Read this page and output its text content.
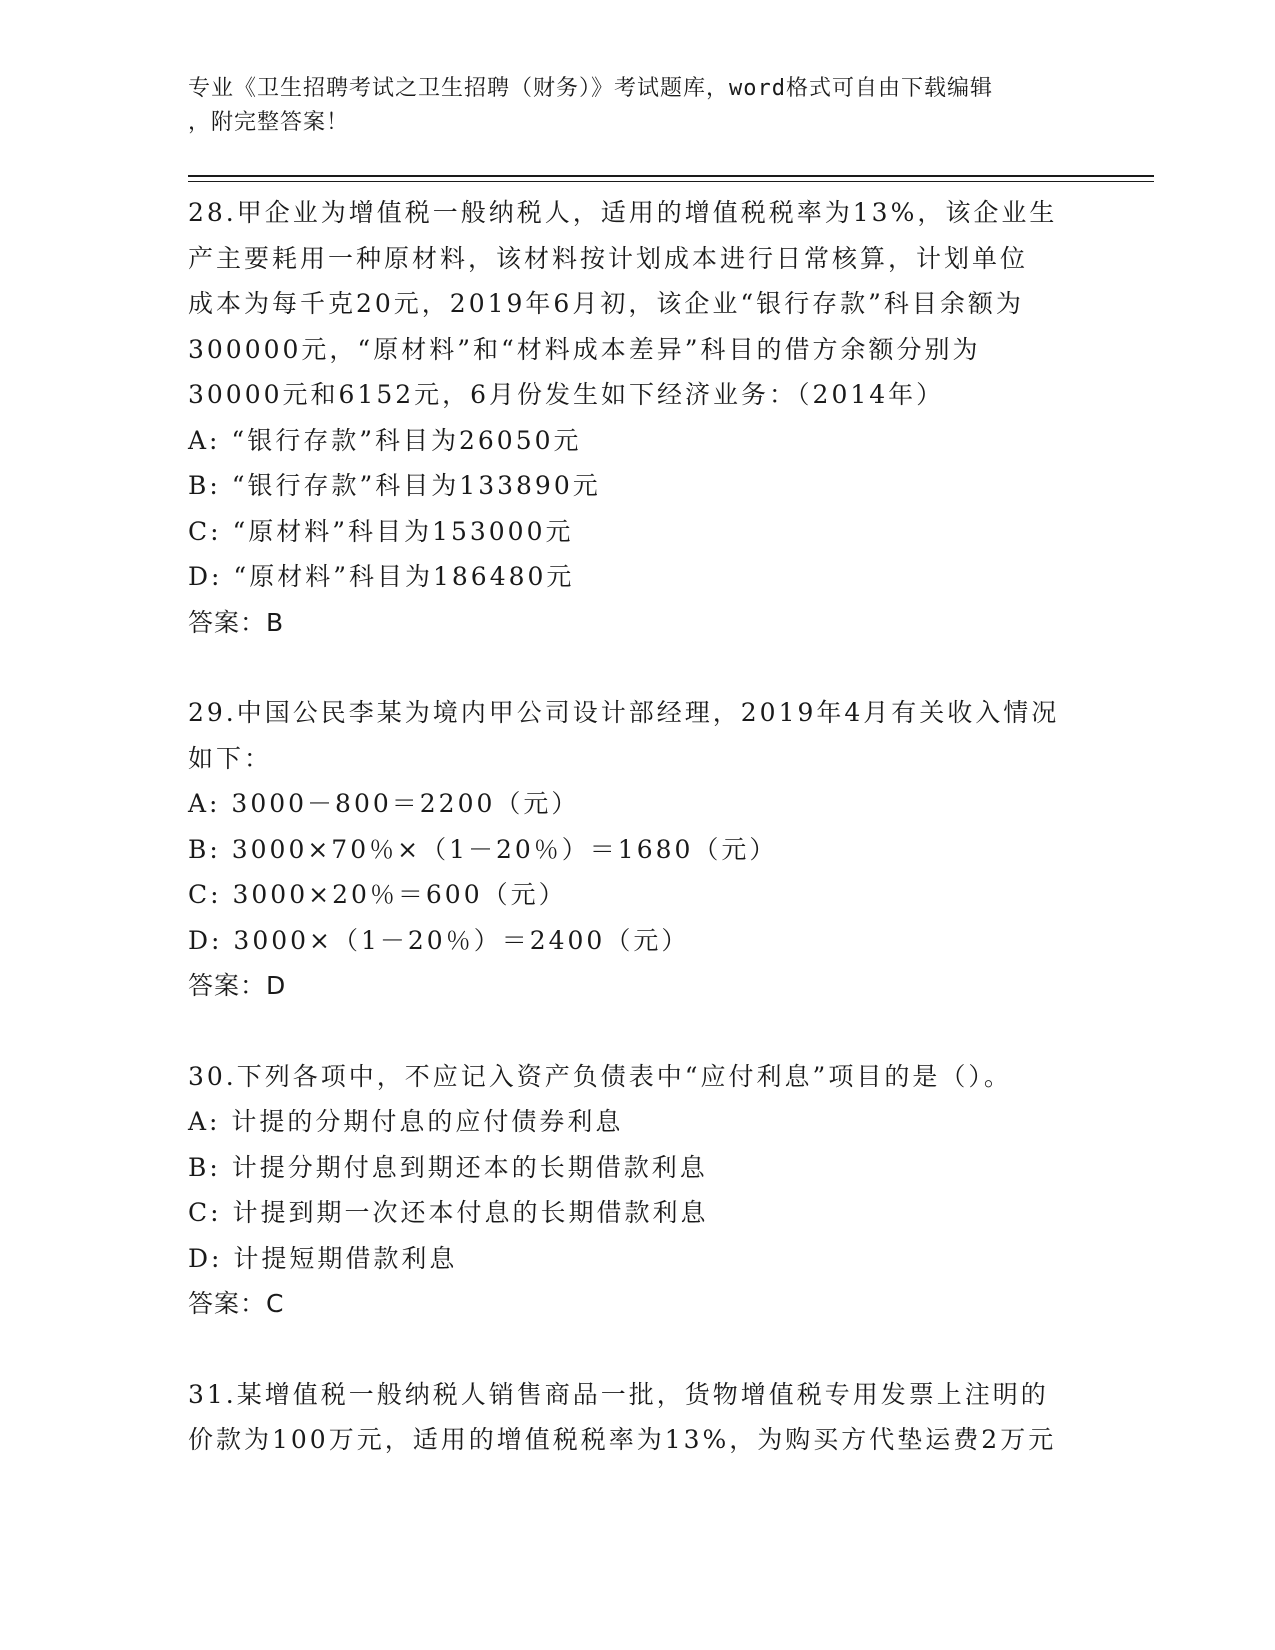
专业《卫生招聘考试之卫生招聘（财务）》考试题库，word格式可自由下载编辑
，附完整答案！
28.甲企业为增值税一般纳税人，适用的增值税税率为13%，该企业生
产主要耗用一种原材料，该材料按计划成本进行日常核算，计划单位
成本为每千克20元，2019年6月初，该企业“银行存款”科目余额为
300000元，“原材料”和“材料成本差异”科目的借方余额分别为
30000元和6152元，6月份发生如下经济业务：（2014年）
A: “银行存款”科目为26050元
B: “银行存款”科目为133890元
C: “原材料”科目为153000元
D: “原材料”科目为186480元
答案：B
29.中国公民李某为境内甲公司设计部经理，2019年4月有关收入情况
如下：
A: 3000－800＝2200（元）
B: 3000×70％×（1－20％）＝1680（元）
C: 3000×20％＝600（元）
D: 3000×（1－20％）＝2400（元）
答案：D
30.下列各项中，不应记入资产负债表中“应付利息”项目的是（）。
A: 计提的分期付息的应付债券利息
B: 计提分期付息到期还本的长期借款利息
C: 计提到期一次还本付息的长期借款利息
D: 计提短期借款利息
答案：C
31.某增值税一般纳税人销售商品一批，货物增值税专用发票上注明的
价款为100万元，适用的增值税税率为13%，为购买方代垫运费2万元
